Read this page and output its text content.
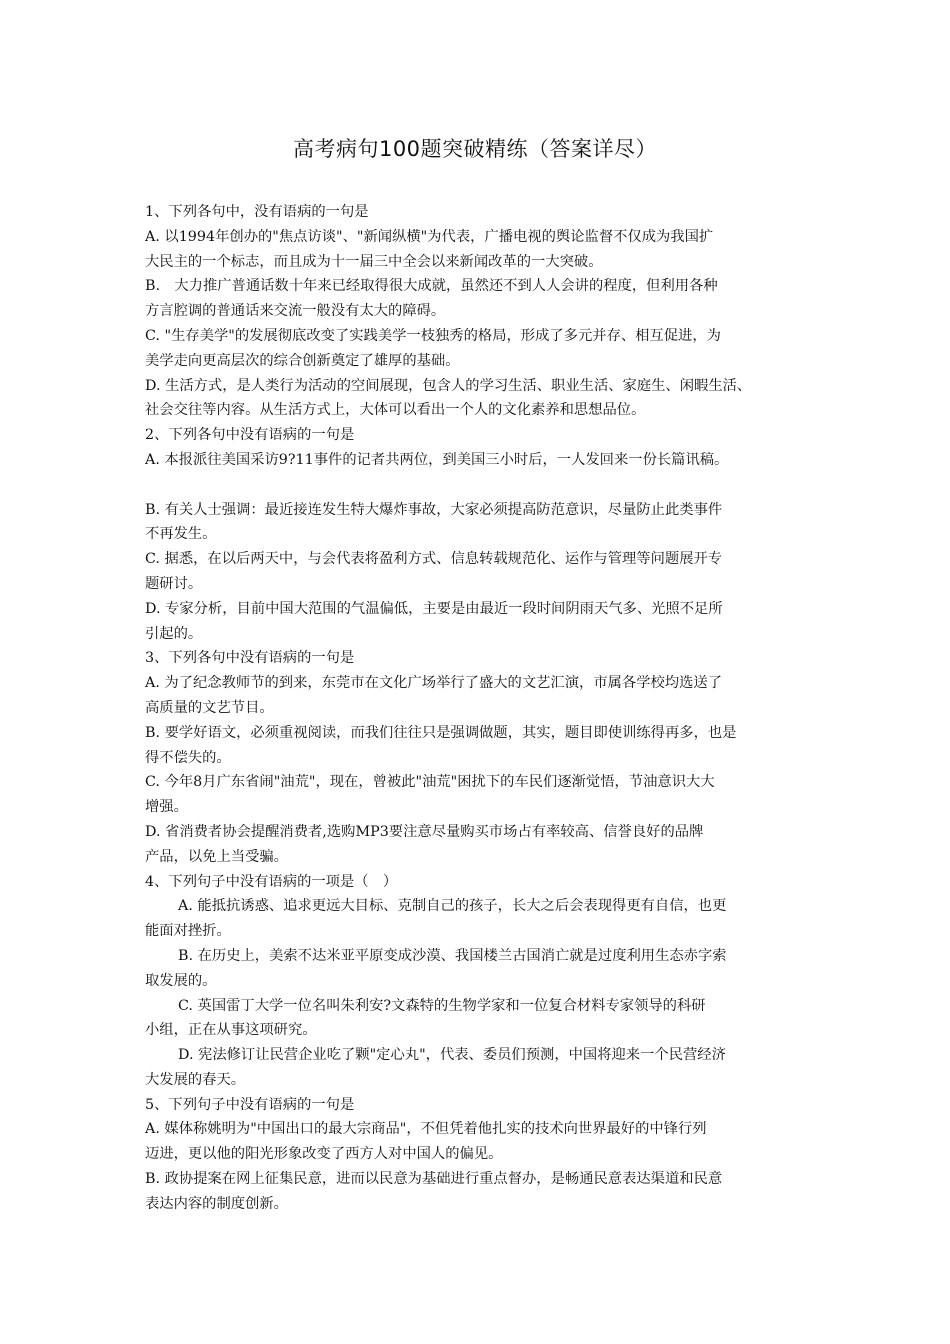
高考病句100题突破精练（答案详尽）
1、下列各句中，没有语病的一句是
A. 以1994年创办的"焦点访谈"、"新闻纵横"为代表，广播电视的舆论监督不仅成为我国扩
大民主的一个标志，而且成为十一届三中全会以来新闻改革的一大突破。
B.　大力推广普通话数十年来已经取得很大成就，虽然还不到人人会讲的程度，但利用各种
方言腔调的普通话来交流一般没有太大的障碍。
C. "生存美学"的发展彻底改变了实践美学一枝独秀的格局，形成了多元并存、相互促进，为
美学走向更高层次的综合创新奠定了雄厚的基础。
D. 生活方式，是人类行为活动的空间展现，包含人的学习生活、职业生活、家庭生、闲暇生活、
社会交往等内容。从生活方式上，大体可以看出一个人的文化素养和思想品位。
2、下列各句中没有语病的一句是
A. 本报派往美国采访9?11事件的记者共两位，到美国三小时后，一人发回来一份长篇讯稿。
B. 有关人士强调：最近接连发生特大爆炸事故，大家必须提高防范意识，尽量防止此类事件
不再发生。
C. 据悉，在以后两天中，与会代表将盈利方式、信息转载规范化、运作与管理等问题展开专
题研讨。
D. 专家分析，目前中国大范围的气温偏低，主要是由最近一段时间阴雨天气多、光照不足所
引起的。
3、下列各句中没有语病的一句是
A. 为了纪念教师节的到来，东莞市在文化广场举行了盛大的文艺汇演，市属各学校均选送了
高质量的文艺节目。
B. 要学好语文，必须重视阅读，而我们往往只是强调做题，其实，题目即使训练得再多，也是
得不偿失的。
C. 今年8月广东省闹"油荒"，现在，曾被此"油荒"困扰下的车民们逐渐觉悟，节油意识大大
增强。
D. 省消费者协会提醒消费者,选购MP3要注意尽量购买市场占有率较高、信誉良好的品牌
产品，以免上当受骗。
4、下列句子中没有语病的一项是（　）
A. 能抵抗诱惑、追求更远大目标、克制自己的孩子，长大之后会表现得更有自信，也更
能面对挫折。
B. 在历史上，美索不达米亚平原变成沙漠、我国楼兰古国消亡就是过度利用生态赤字索
取发展的。
C. 英国雷丁大学一位名叫朱利安?文森特的生物学家和一位复合材料专家领导的科研
小组，正在从事这项研究。
D. 宪法修订让民营企业吃了颗"定心丸"，代表、委员们预测，中国将迎来一个民营经济
大发展的春天。
5、下列句子中没有语病的一句是
A. 媒体称姚明为"中国出口的最大宗商品"，不但凭着他扎实的技术向世界最好的中锋行列
迈进，更以他的阳光形象改变了西方人对中国人的偏见。
B. 政协提案在网上征集民意，进而以民意为基础进行重点督办，是畅通民意表达渠道和民意
表达内容的制度创新。
